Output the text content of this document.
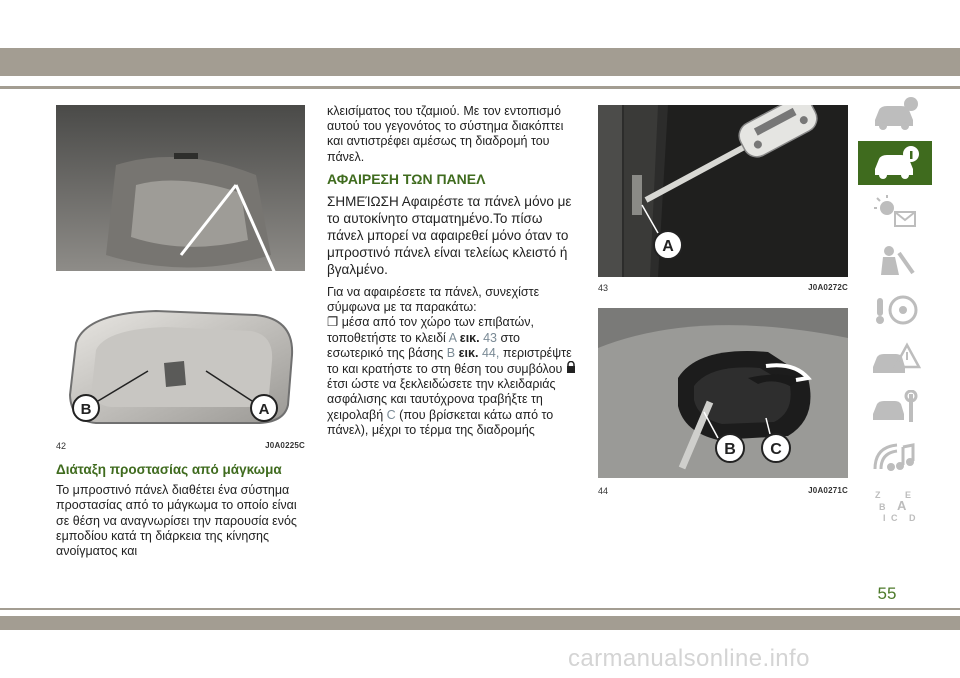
B	A
42	J0A0225C
Διάταξη προστασίας από μάγκωμα

Το μπροστινό πάνελ διαθέτει ένα σύστημα προστασίας από το μάγκωμα το οποίο είναι σε θέση να αναγνωρίσει την παρουσία ενός εμποδίου κατά τη διάρκεια της κίνησης ανοίγματος και

κλεισίματος του τζαμιού. Με τον εντοπισμό αυτού του γεγονότος το σύστημα διακόπτει και αντιστρέφει αμέσως τη διαδρομή του πάνελ.

ΑΦΑΙΡΕΣΗ ΤΩΝ ΠΑΝΕΛ

ΣΗΜΕΊΩΣΗ Αφαιρέστε τα πάνελ μόνο με το αυτοκίνητο σταματημένο.Το πίσω πάνελ μπορεί να αφαιρεθεί μόνο όταν το μπροστινό πάνελ είναι τελείως κλειστό ή βγαλμένο.

Για να αφαιρέσετε τα πάνελ, συνεχίστε σύμφωνα με τα παρακάτω:

❐ μέσα από τον χώρο των επιβατών, τοποθετήστε το κλειδί Α εικ. 43 στο εσωτερικό της βάσης B εικ. 44, περιστρέψτε το και κρατήστε το στη θέση του συμβόλου  έτσι ώστε να ξεκλειδώσετε την κλειδαριάς ασφάλισης και ταυτόχρονα τραβήξτε τη χειρολαβή C (που βρίσκεται κάτω από το πάνελ), μέχρι το τέρμα της διαδρομής

A
43	J0A0272C
B C
44	J0A0271C	Z	E
B A
I C D
55
carmanualsonline.info
